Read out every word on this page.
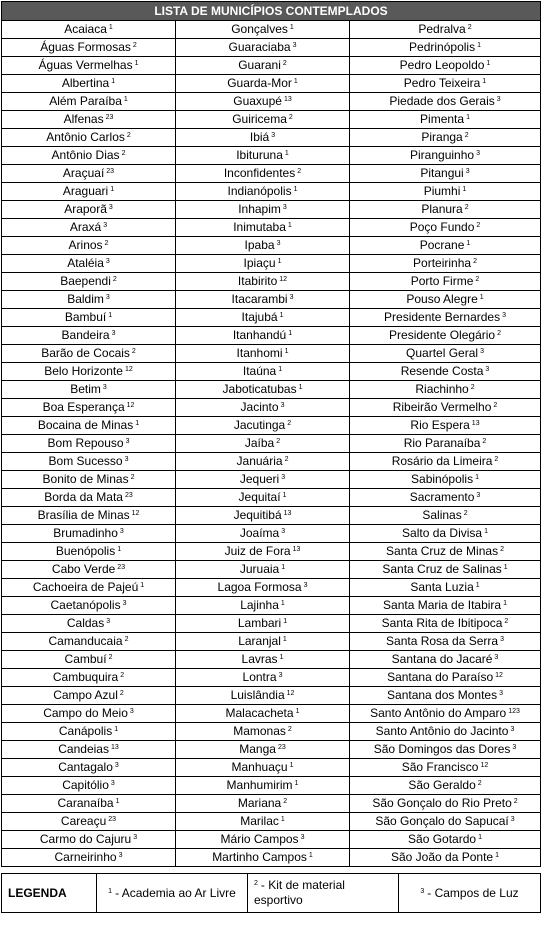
LISTA DE MUNICÍPIOS CONTEMPLADOS		
Acaiaca $^1$	Gonçalves $^1$	Pedralva $^2$
Águas Formosas $^2$	Guaraciaba $^3$	Pedrinópolis $^1$
Águas Vermelhas $^1$	Guarani $^2$	Pedro Leopoldo $^1$
Albertina $^1$	Guarda-Mor $^1$	Pedro Teixeira $^1$
Além Paraíba $^1$	Guaxupé $^{13}$	Piedade dos Gerais $^3$
Alfenas $^{23}$	Guiricema $^2$	Pimenta $^1$
Antônio Carlos $^2$	Ibiá $^3$	Piranga $^2$
Antônio Dias $^2$	Ibituruna $^1$	Piranguinho $^3$
Araçuaí $^{23}$	Inconfidentes $^2$	Pitangui $^3$
Araguari $^1$	Indianópolis $^1$	Piumhi $^1$
Araporã $^3$	Inhapim $^3$	Planura $^2$
Araxá $^3$	Inimutaba $^1$	Poço Fundo $^2$
Arinos $^2$	Ipaba $^3$	Pocrane $^1$
Ataléia $^3$	Ipiaçu $^1$	Porteirinha $^2$
Baependi $^2$	Itabirito $^{12}$	Porto Firme $^2$
Baldim $^3$	Itacarambi $^3$	Pouso Alegre $^1$
Bambuí $^1$	Itajubá $^1$	Presidente Bernardes $^3$
Bandeira $^3$	Itanhandú $^1$	Presidente Olegário $^2$
Barão de Cocais $^2$	Itanhomi $^1$	Quartel Geral $^3$
Belo Horizonte $^{12}$	Itaúna $^1$	Resende Costa $^3$
Betim $^3$	Jaboticatubas $^1$	Riachinho $^2$
Boa Esperança $^{12}$	Jacinto $^3$	Ribeirão Vermelho $^2$
Bocaina de Minas $^1$	Jacutinga $^2$	Rio Espera $^{13}$
Bom Repouso $^3$	Jaíba $^2$	Rio Paranaíba $^2$
Bom Sucesso $^3$	Januária $^2$	Rosário da Limeira $^2$
Bonito de Minas $^2$	Jequeri $^3$	Sabinópolis $^1$
Borda da Mata $^{23}$	Jequitaí $^1$	Sacramento $^3$
Brasília de Minas $^{12}$	Jequitibá $^{13}$	Salinas $^2$
Brumadinho $^3$	Joaíma $^3$	Salto da Divisa $^1$
Buenópolis $^1$	Juiz de Fora $^{13}$	Santa Cruz de Minas $^2$
Cabo Verde $^{23}$	Juruaia $^1$	Santa Cruz de Salinas $^1$
Cachoeira de Pajeú $^1$	Lagoa Formosa $^3$	Santa Luzia $^1$
Caetanópolis $^3$	Lajinha $^1$	Santa Maria de Itabira $^1$
Caldas $^3$	Lambari $^1$	Santa Rita de Ibitipoca $^2$
Camanducaia $^2$	Laranjal $^1$	Santa Rosa da Serra $^3$
Cambuí $^2$	Lavras $^1$	Santana do Jacaré $^3$
Cambuquira $^2$	Lontra $^3$	Santana do Paraíso $^{12}$
Campo Azul $^2$	Luislândia $^{12}$	Santana dos Montes $^3$
Campo do Meio $^3$	Malacacheta $^1$	Santo Antônio do Amparo $^{123}$
Canápolis $^1$	Mamonas $^2$	Santo Antônio do Jacinto $^3$
Candeias $^{13}$	Manga $^{23}$	São Domingos das Dores $^3$
Cantagalo $^3$	Manhuaçu $^1$	São Francisco $^{12}$
Capitólio $^3$	Manhumirim $^1$	São Geraldo $^2$
Caranaíba $^1$	Mariana $^2$	São Gonçalo do Rio Preto $^2$
Careaçu $^{23}$	Marilac $^1$	São Gonçalo do Sapucaí $^3$
Carmo do Cajuru $^3$	Mário Campos $^3$	São Gotardo $^1$
Carneirinho $^3$	Martinho Campos $^1$	São João da Ponte $^1$
LEGENDA	$^1$ - Academia ao Ar Livre	$^2$ - Kit de material esportivo	$^3$ - Campos de Luz
